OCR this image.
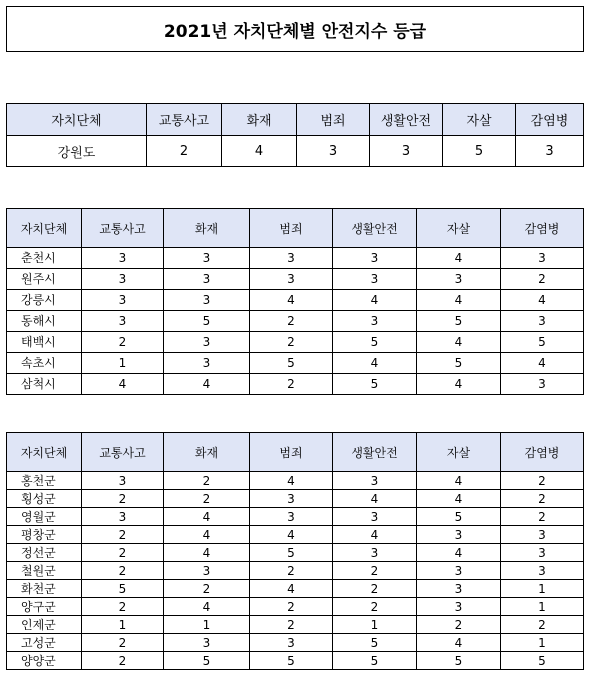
2021년 자치단체별 안전지수 등급
자치단체	교통사고	화재	범죄	생활안전	자살	감염병
강원도	2	4	3	3	5	3
자치단체	교통사고	화재	범죄	생활안전	자살	감염병
춘천시	3	3	3	3	4	3
원주시	3	3	3	3	3	2
강릉시	3	3	4	4	4	4
동해시	3	5	2	3	5	3
태백시	2	3	2	5	4	5
속초시	1	3	5	4	5	4
삼척시	4	4	2	5	4	3
자치단체	교통사고	화재	범죄	생활안전	자살	감염병
홍천군	3	2	4	3	4	2
횡성군	2	2	3	4	4	2
영월군	3	4	3	3	5	2
평창군	2	4	4	4	3	3
정선군	2	4	5	3	4	3
철원군	2	3	2	2	3	3
화천군	5	2	4	2	3	1
양구군	2	4	2	2	3	1
인제군	1	1	2	1	2	2
고성군	2	3	3	5	4	1
양양군	2	5	5	5	5	5
